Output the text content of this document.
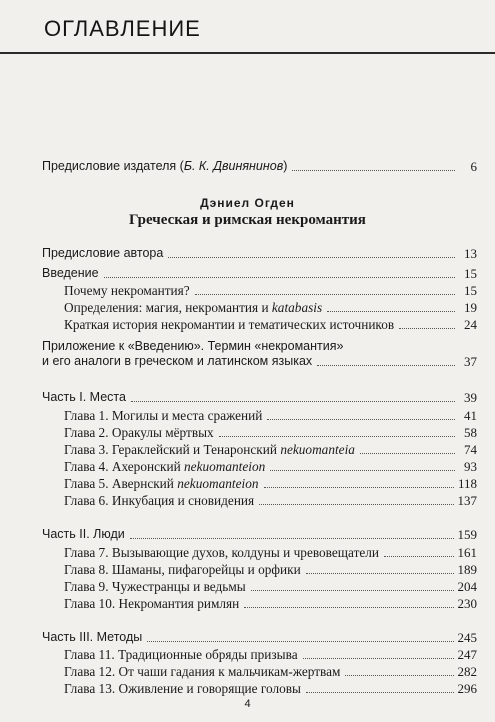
ОГЛАВЛЕНИЕ
Предисловие издателя (Б. К. Двинянинов)	6
Дэниел Огден
Греческая и римская некромантия
Предисловие автора	13
Введение	15
Почему некромантия?	15
Определения: магия, некромантия и katabasis	19
Краткая история некромантии и тематических источников	24
Приложение к «Введению». Термин «некромантия»
и его аналоги в греческом и латинском языках	37
Часть I. Места	39
Глава 1. Могилы и места сражений	41
Глава 2. Оракулы мёртвых	58
Глава 3. Гераклейский и Тенаронский nekuomanteia	74
Глава 4. Ахеронский nekuomanteion	93
Глава 5. Авернский nekuomanteion	118
Глава 6. Инкубация и сновидения	137
Часть II. Люди	159
Глава 7. Вызывающие духов, колдуны и чревовещатели	161
Глава 8. Шаманы, пифагорейцы и орфики	189
Глава 9. Чужестранцы и ведьмы	204
Глава 10. Некромантия римлян	230
Часть III. Методы	245
Глава 11. Традиционные обряды призыва	247
Глава 12. От чаши гадания к мальчикам-жертвам	282
Глава 13. Оживление и говорящие головы	296
4
